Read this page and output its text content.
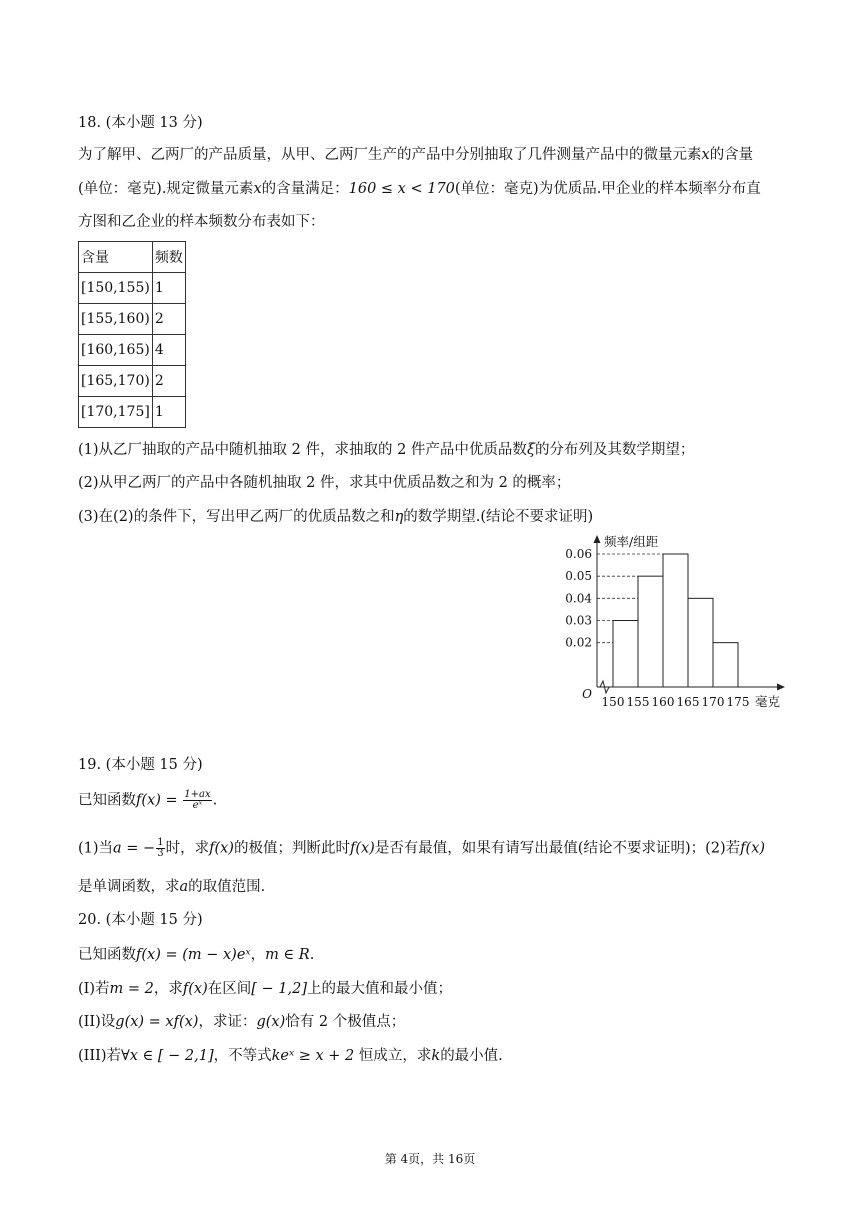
18. (本小题 13 分)
为了解甲、乙两厂的产品质量，从甲、乙两厂生产的产品中分别抽取了几件测量产品中的微量元素x的含量
(单位：毫克).规定微量元素x的含量满足：160 ≤ x < 170(单位：毫克)为优质品.甲企业的样本频率分布直
方图和乙企业的样本频数分布表如下：
含量	频数
[150,155)	1
[155,160)	2
[160,165)	4
[165,170)	2
[170,175]	1
(1)从乙厂抽取的产品中随机抽取 2 件，求抽取的 2 件产品中优质品数ξ的分布列及其数学期望；
(2)从甲乙两厂的产品中各随机抽取 2 件，求其中优质品数之和为 2 的概率；
(3)在(2)的条件下，写出甲乙两厂的优质品数之和η的数学期望.(结论不要求证明)
0.06
0.05
0.04
0.03
0.02
150 155 160 165 170 175 毫克
频率/组距
O
19. (本小题 15 分)
已知函数$f(x) = \frac{1+ax}{\text{eˣ}}$ .
(1)当a = − $\frac{1}{3}$ 时，求f(x)的极值；判断此时f(x)是否有最值，如果有请写出最值(结论不要求证明)；(2)若f(x)
是单调函数，求a的取值范围.
20. (本小题 15 分)
已知函数f(x) = (m − x)eˣ，m ∈ R.
(I)若m = 2，求f(x)在区间[ − 1,2]上的最大值和最小值；
(II)设g(x) = xf(x)，求证：g(x)恰有 2 个极值点；
(III)若∀x ∈ [ − 2,1]，不等式keˣ ≥ x + 2 恒成立，求k的最小值.
第 4页，共 16页
